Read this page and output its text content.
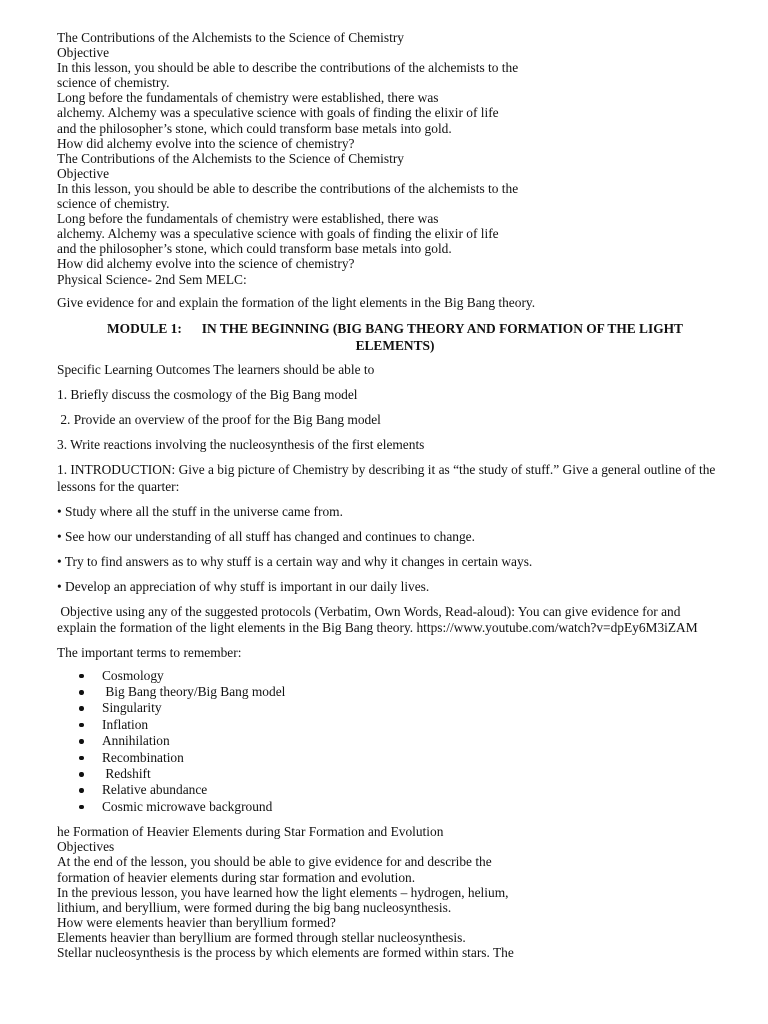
The Contributions of the Alchemists to the Science of Chemistry

Objective

In this lesson, you should be able to describe the contributions of the alchemists to the

science of chemistry.

Long before the fundamentals of chemistry were established, there was

alchemy. Alchemy was a speculative science with goals of finding the elixir of life

and the philosopher’s stone, which could transform base metals into gold.

How did alchemy evolve into the science of chemistry?

The Contributions of the Alchemists to the Science of Chemistry

Objective

In this lesson, you should be able to describe the contributions of the alchemists to the

science of chemistry.

Long before the fundamentals of chemistry were established, there was

alchemy. Alchemy was a speculative science with goals of finding the elixir of life

and the philosopher’s stone, which could transform base metals into gold.

How did alchemy evolve into the science of chemistry?

Physical Science- 2nd Sem MELC:

Give evidence for and explain the formation of the light elements in the Big Bang theory.

MODULE 1: IN THE BEGINNING (BIG BANG THEORY AND FORMATION OF THE LIGHT ELEMENTS)

Specific Learning Outcomes The learners should be able to

1. Briefly discuss the cosmology of the Big Bang model

2. Provide an overview of the proof for the Big Bang model

3. Write reactions involving the nucleosynthesis of the first elements

1. INTRODUCTION: Give a big picture of Chemistry by describing it as “the study of stuff.” Give a general outline of the lessons for the quarter:

• Study where all the stuff in the universe came from.

• See how our understanding of all stuff has changed and continues to change.

• Try to find answers as to why stuff is a certain way and why it changes in certain ways.

• Develop an appreciation of why stuff is important in our daily lives.

Objective using any of the suggested protocols (Verbatim, Own Words, Read-aloud): You can give evidence for and explain the formation of the light elements in the Big Bang theory. https://www.youtube.com/watch?v=dpEy6M3iZAM

The important terms to remember:

Cosmology
Big Bang theory/Big Bang model
Singularity
Inflation
Annihilation
Recombination
Redshift
Relative abundance
Cosmic microwave background

he Formation of Heavier Elements during Star Formation and Evolution

Objectives

At the end of the lesson, you should be able to give evidence for and describe the

formation of heavier elements during star formation and evolution.

In the previous lesson, you have learned how the light elements – hydrogen, helium,

lithium, and beryllium, were formed during the big bang nucleosynthesis.

How were elements heavier than beryllium formed?

Elements heavier than beryllium are formed through stellar nucleosynthesis.

Stellar nucleosynthesis is the process by which elements are formed within stars. The
